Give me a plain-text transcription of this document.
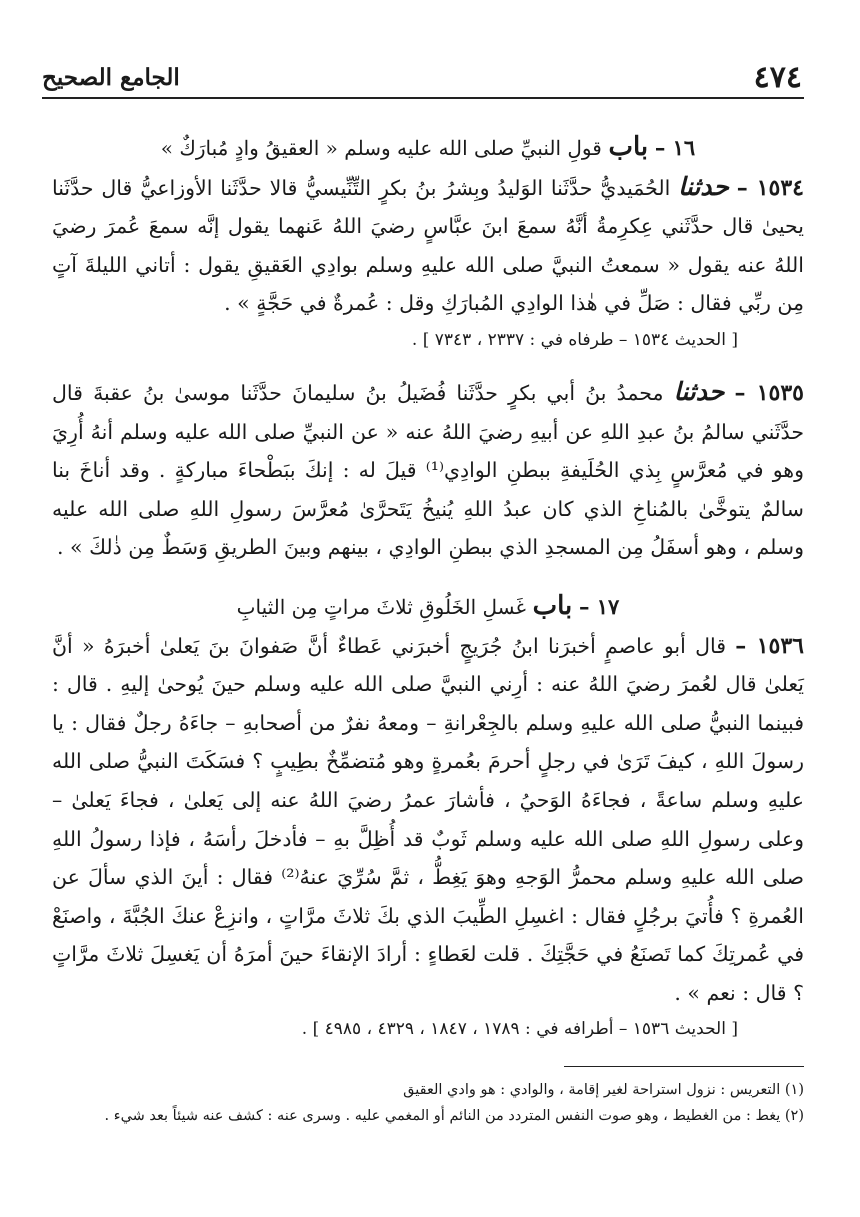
٤٧٤
الجامع الصحيح

١٦ – باب قولِ النبيِّ صلى الله عليه وسلم « العقيقُ وادٍ مُبارَكٌ »

١٥٣٤ – حدثنا الحُمَيديُّ حدَّثَنا الوَليدُ وبِشرُ بنُ بكرٍ التِّنِّيسيُّ قالا حدَّثَنا الأوزاعيُّ قال حدَّثَنا يحيىٰ قال حدَّثَني عِكرِمةُ أنَّهُ سمعَ ابنَ عبَّاسٍ رضيَ اللهُ عَنهما يقول إنَّه سمعَ عُمرَ رضيَ اللهُ عنه يقول « سمعتُ النبيَّ صلى الله عليهِ وسلم بوادِي العَقيقِ يقول : أتاني الليلةَ آتٍ مِن ربِّي فقال : صَلِّ في هٰذا الوادِي المُبارَكِ وقل : عُمرةٌ في حَجَّةٍ » .

[ الحديث ١٥٣٤ – طرفاه في : ٢٣٣٧ ، ٧٣٤٣ ] .

١٥٣٥ – حدثنا محمدُ بنُ أبي بكرٍ حدَّثَنا فُضَيلُ بنُ سليمانَ حدَّثَنا موسىٰ بنُ عقبةَ قال حدَّثَني سالمُ بنُ عبدِ اللهِ عن أبيهِ رضيَ اللهُ عنه « عن النبيِّ صلى الله عليه وسلم أنهُ أُرِيَ وهو في مُعرَّسٍ بِذي الحُلَيفةِ ببطنِ الوادِي⁽¹⁾ قيلَ له : إنكَ ببَطْحاءَ مباركةٍ . وقد أناخَ بنا سالمٌ يتوخَّىٰ بالمُناخِ الذي كان عبدُ اللهِ يُنيخُ يَتَحرَّىٰ مُعرَّسَ رسولِ اللهِ صلى الله عليه وسلم ، وهو أسفَلُ مِن المسجدِ الذي ببطنِ الوادِي ، بينهم وبينَ الطريقِ وَسَطٌ مِن ذٰلكَ » .

١٧ – باب غَسلِ الخَلُوقِ ثلاثَ مراتٍ مِن الثيابِ

١٥٣٦ – قال أبو عاصمٍ أخبرَنا ابنُ جُرَيجٍ أخبرَني عَطاءٌ أنَّ صَفوانَ بنَ يَعلىٰ أخبرَهُ « أنَّ يَعلىٰ قال لعُمرَ رضيَ اللهُ عنه : أرِني النبيَّ صلى الله عليه وسلم حينَ يُوحىٰ إليهِ . قال : فبينما النبيُّ صلى الله عليهِ وسلم بالجِعْرانةِ – ومعهُ نفرٌ من أصحابهِ – جاءَهُ رجلٌ فقال : يا رسولَ اللهِ ، كيفَ تَرَىٰ في رجلٍ أحرمَ بعُمرةٍ وهو مُتضمِّخٌ بطِيبٍ ؟ فسَكَتَ النبيُّ صلى الله عليهِ وسلم ساعةً ، فجاءَهُ الوَحيُ ، فأشارَ عمرُ رضيَ اللهُ عنه إلى يَعلىٰ ، فجاءَ يَعلىٰ – وعلى رسولِ اللهِ صلى الله عليه وسلم ثَوبٌ قد أُظِلَّ بهِ – فأدخلَ رأسَهُ ، فإذا رسولُ اللهِ صلى الله عليهِ وسلم محمرُّ الوَجهِ وهوَ يَغِطُّ ، ثمَّ سُرِّيَ عنهُ⁽²⁾ فقال : أينَ الذي سألَ عن العُمرةِ ؟ فأُتيَ برجُلٍ فقال : اغسِلِ الطِّيبَ الذي بكَ ثلاثَ مرَّاتٍ ، وانزِعْ عنكَ الجُبَّةَ ، واصنَعْ في عُمرتِكَ كما تَصنَعُ في حَجَّتِكَ . قلت لعَطاءٍ : أرادَ الإنقاءَ حينَ أمرَهُ أن يَغسِلَ ثلاثَ مرَّاتٍ ؟ قال : نعم » .

[ الحديث ١٥٣٦ – أطرافه في : ١٧٨٩ ، ١٨٤٧ ، ٤٣٢٩ ، ٤٩٨٥ ] .

(١) التعريس : نزول استراحة لغير إقامة ، والوادي : هو وادي العقيق

(٢) يغط : من الغطيط ، وهو صوت النفس المتردد من النائم أو المغمي عليه . وسرى عنه : كشف عنه شيئاً بعد شيء .
